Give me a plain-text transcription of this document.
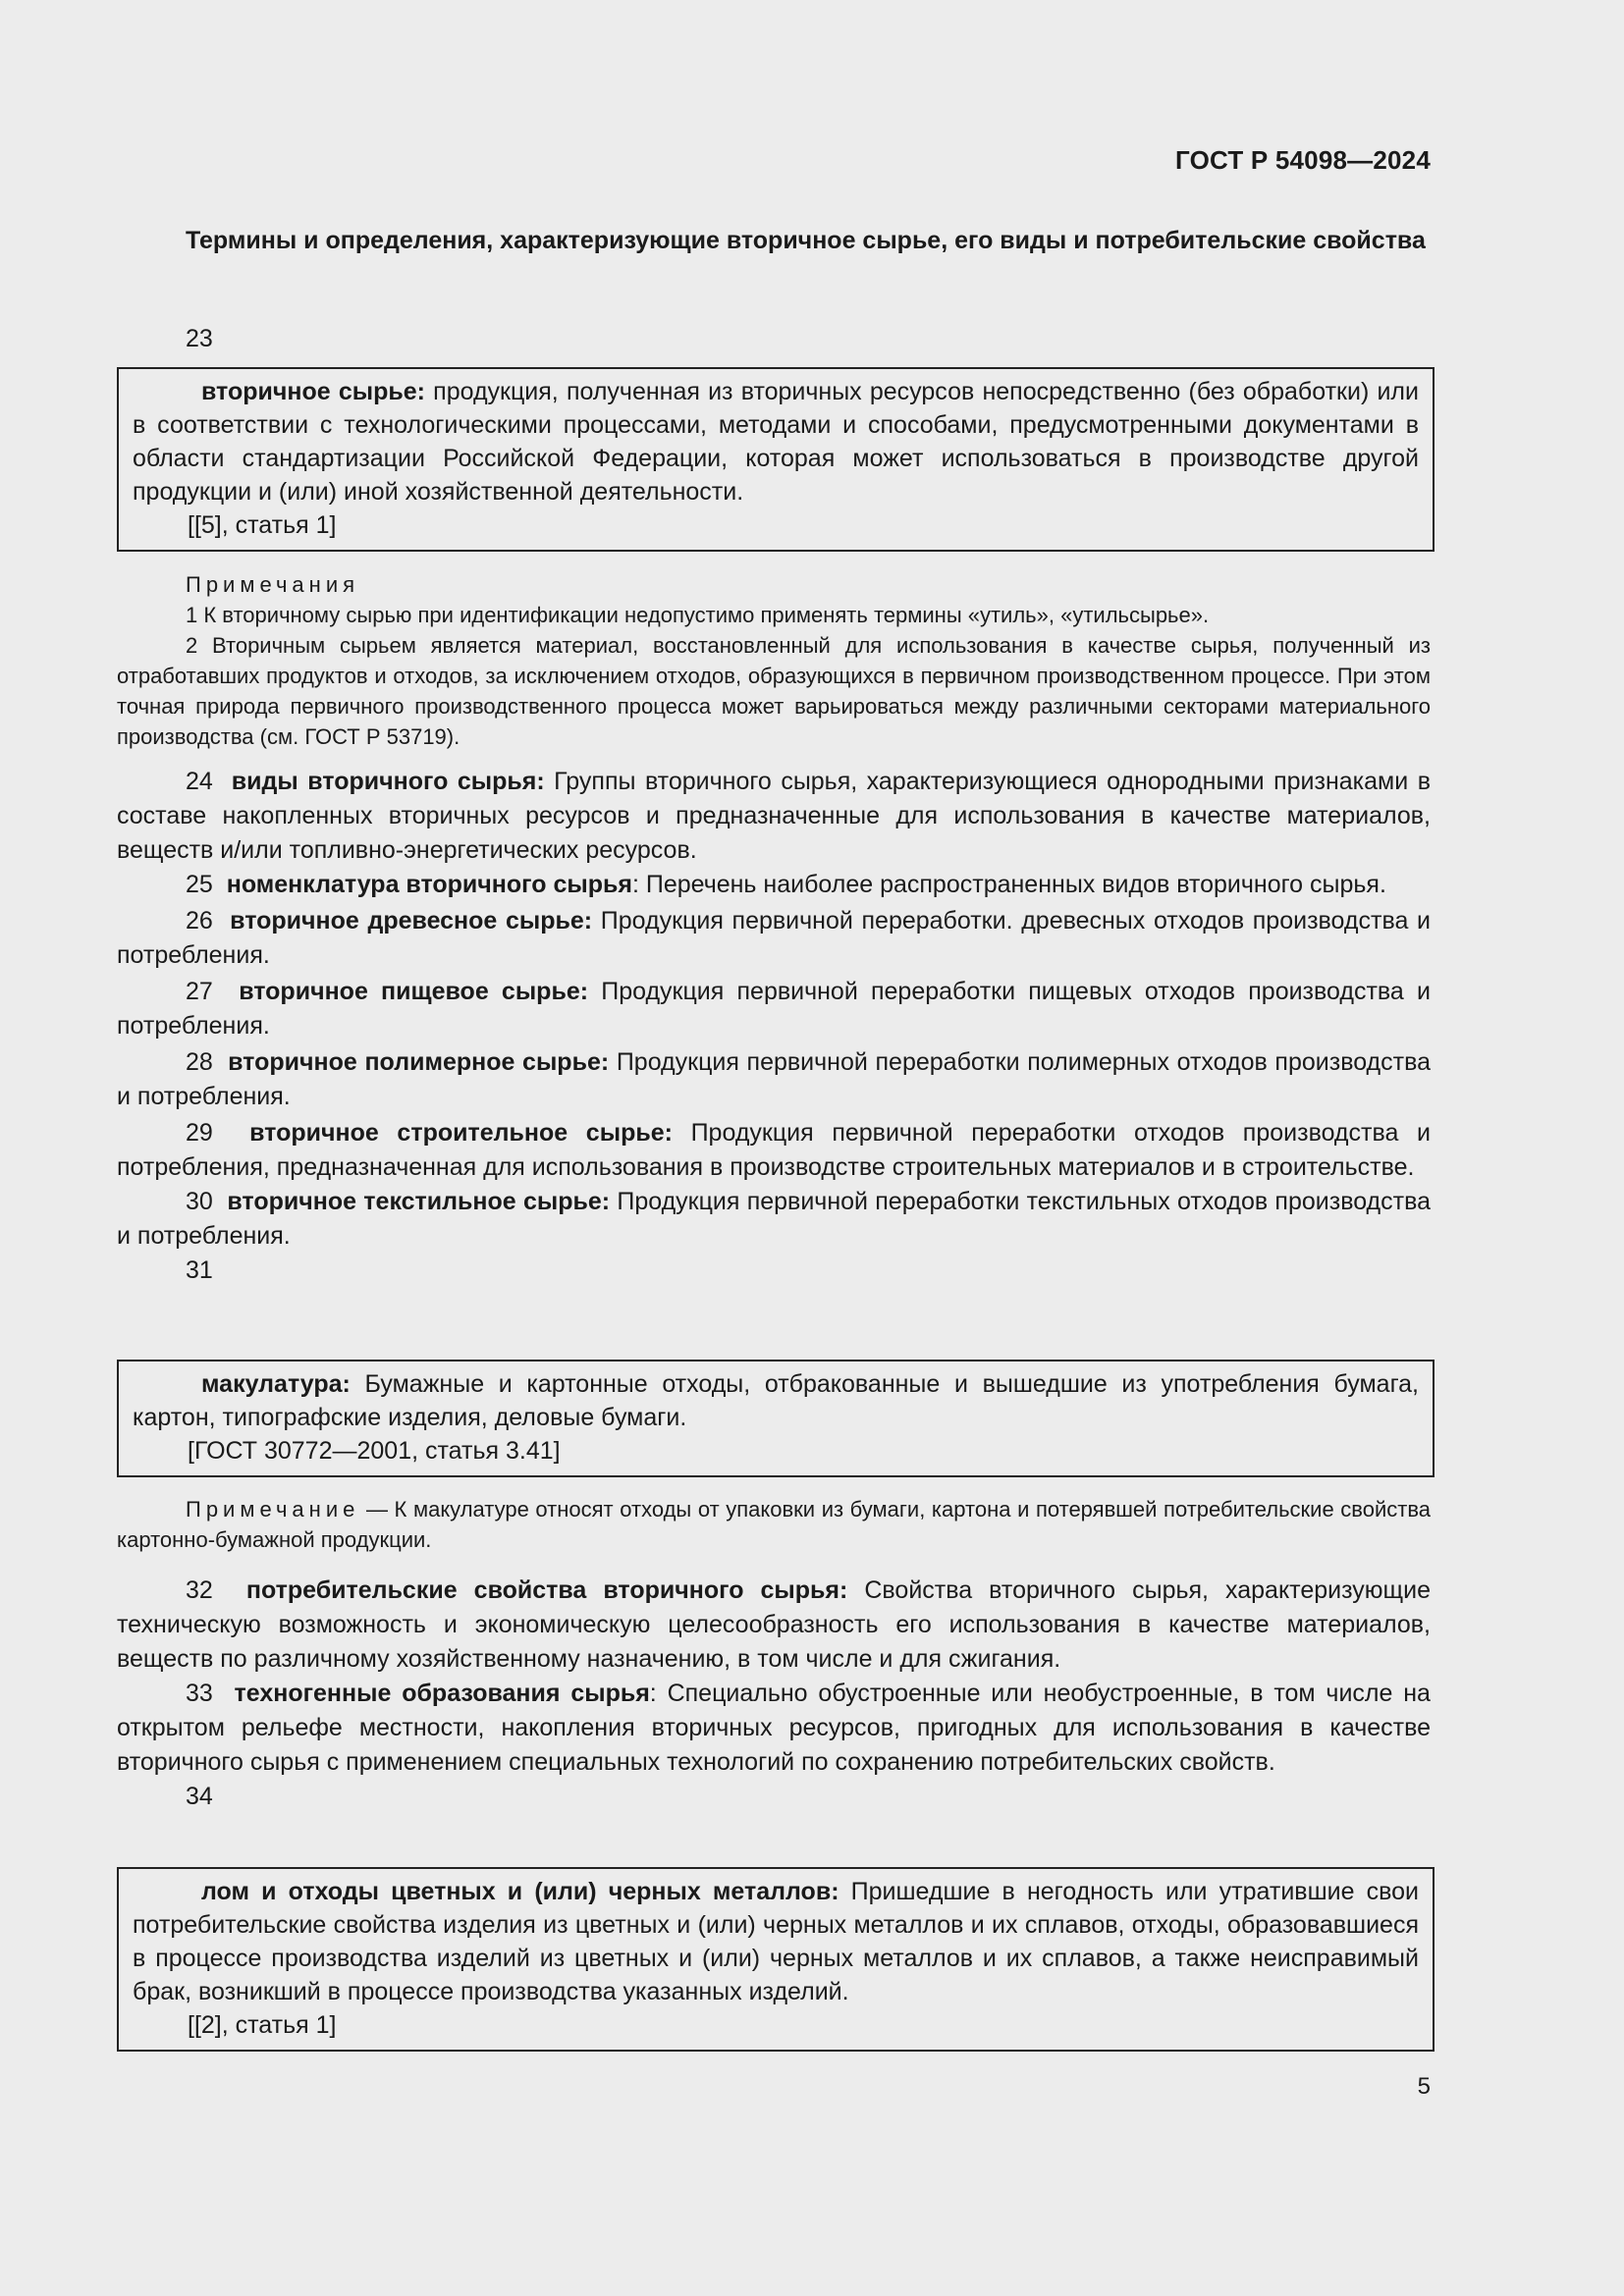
ГОСТ Р 54098—2024
Термины и определения, характеризующие вторичное сырье, его виды и потребительские свойства
23

вторичное сырье: продукция, полученная из вторичных ресурсов непосредственно (без обработки) или в соответствии с технологическими процессами, методами и способами, предусмотренными документами в области стандартизации Российской Федерации, которая может использоваться в производстве другой продукции и (или) иной хозяйственной деятельности.

[[5], статья 1]
Примечания
1 К вторичному сырью при идентификации недопустимо применять термины «утиль», «утильсырье».
2 Вторичным сырьем является материал, восстановленный для использования в качестве сырья, полученный из отработавших продуктов и отходов, за исключением отходов, образующихся в первичном производственном процессе. При этом точная природа первичного производственного процесса может варьироваться между различными секторами материального производства (см. ГОСТ Р 53719).

24 виды вторичного сырья: Группы вторичного сырья, характеризующиеся однородными признаками в составе накопленных вторичных ресурсов и предназначенные для использования в качестве материалов, веществ и/или топливно-энергетических ресурсов.

25 номенклатура вторичного сырья: Перечень наиболее распространенных видов вторичного сырья.

26 вторичное древесное сырье: Продукция первичной переработки. древесных отходов производства и потребления.

27 вторичное пищевое сырье: Продукция первичной переработки пищевых отходов производства и потребления.

28 вторичное полимерное сырье: Продукция первичной переработки полимерных отходов производства и потребления.

29 вторичное строительное сырье: Продукция первичной переработки отходов производства и потребления, предназначенная для использования в производстве строительных материалов и в строительстве.

30 вторичное текстильное сырье: Продукция первичной переработки текстильных отходов производства и потребления.

31

макулатура: Бумажные и картонные отходы, отбракованные и вышедшие из употребления бумага, картон, типографские изделия, деловые бумаги.

[ГОСТ 30772—2001, статья 3.41]
Примечание — К макулатуре относят отходы от упаковки из бумаги, картона и потерявшей потребительские свойства картонно-бумажной продукции.

32 потребительские свойства вторичного сырья: Свойства вторичного сырья, характеризующие техническую возможность и экономическую целесообразность его использования в качестве материалов, веществ по различному хозяйственному назначению, в том числе и для сжигания.

33 техногенные образования сырья: Специально обустроенные или необустроенные, в том числе на открытом рельефе местности, накопления вторичных ресурсов, пригодных для использования в качестве вторичного сырья с применением специальных технологий по сохранению потребительских свойств.

34

лом и отходы цветных и (или) черных металлов: Пришедшие в негодность или утратившие свои потребительские свойства изделия из цветных и (или) черных металлов и их сплавов, отходы, образовавшиеся в процессе производства изделий из цветных и (или) черных металлов и их сплавов, а также неисправимый брак, возникший в процессе производства указанных изделий.

[[2], статья 1]
5
